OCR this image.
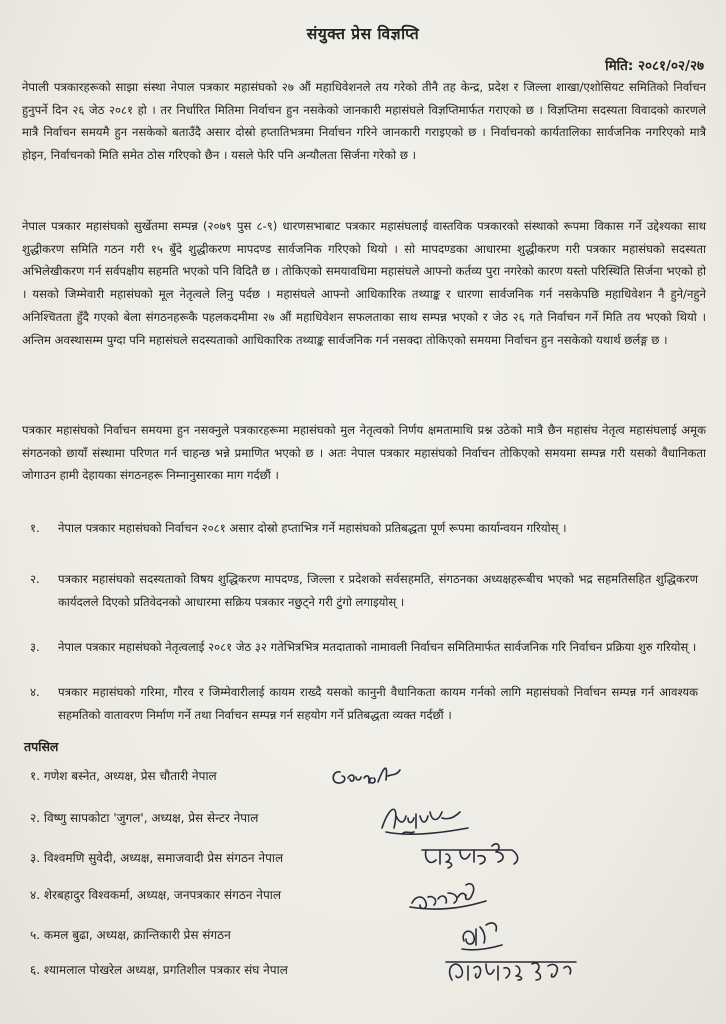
संयुक्त प्रेस विज्ञप्ति
मिति: २०८१/०२/२७

नेपाली पत्रकारहरूको साझा संस्था नेपाल पत्रकार महासंघको २७ औं महाधिवेशनले तय गरेको तीनै तह केन्द्र, प्रदेश र जिल्ला शाखा/एशोसियट समितिको निर्वाचन हुनुपर्ने दिन २६ जेठ २०८१ हो । तर निर्धारित मितिमा निर्वाचन हुन नसकेको जानकारी महासंघले विज्ञप्तिमार्फत गराएको छ । विज्ञप्तिमा सदस्यता विवादको कारणले मात्रै निर्वाचन समयमै हुन नसकेको बताउँदै असार दोस्रो हप्तातिभत्रमा निर्वाचन गरिने जानकारी गराइएको छ । निर्वाचनको कार्यतालिका सार्वजनिक नगरिएको मात्रै होइन, निर्वाचनको मिति समेत ठोस गरिएको छैन । यसले फेरि पनि अन्यौलता सिर्जना गरेको छ ।

नेपाल पत्रकार महासंघको सुर्खेतमा सम्पन्न (२०७९ पुस ८-९) धारणसभाबाट पत्रकार महासंघलाई वास्तविक पत्रकारको संस्थाको रूपमा विकास गर्ने उद्देश्यका साथ शुद्धीकरण समिति गठन गरी १५ बुँदे शुद्धीकरण मापदण्ड सार्वजनिक गरिएको थियो । सो मापदण्डका आधारमा शुद्धीकरण गरी पत्रकार महासंघको सदस्यता अभिलेखीकरण गर्न सर्वपक्षीय सहमति भएको पनि विदितै छ । तोकिएको समयावधिमा महासंघले आफ्नो कर्तव्य पुरा नगरेको कारण यस्तो परिस्थिति सिर्जना भएको हो । यसको जिम्मेवारी महासंघको मूल नेतृत्वले लिनु पर्दछ । महासंघले आफ्नो आधिकारिक तथ्याङ्क र धारणा सार्वजनिक गर्न नसकेपछि महाधिवेशन नै हुने/नहुने अनिश्चितता हुँदै गएको बेला संगठनहरूकै पहलकदमीमा २७ औं महाधिवेशन सफलताका साथ सम्पन्न भएको र जेठ २६ गते निर्वाचन गर्ने मिति तय भएको थियो । अन्तिम अवस्थासम्म पुग्दा पनि महासंघले सदस्यताको आधिकारिक तथ्याङ्क सार्वजनिक गर्न नसक्दा तोकिएको समयमा निर्वाचन हुन नसकेको यथार्थ छर्लङ्ग छ ।

पत्रकार महासंघको निर्वाचन समयमा हुन नसक्नुले पत्रकारहरूमा महासंघको मुल नेतृत्वको निर्णय क्षमतामाथि प्रश्न उठेको मात्रै छैन महासंघ नेतृत्व महासंघलाई अमूक संगठनको छायाँ संस्थामा परिणत गर्न चाहन्छ भन्ने प्रमाणित भएको छ । अतः नेपाल पत्रकार महासंघको निर्वाचन तोकिएको समयमा सम्पन्न गरी यसको वैधानिकता जोगाउन हामी देहायका संगठनहरू निम्नानुसारका माग गर्दछौं ।

१. नेपाल पत्रकार महासंघको निर्वाचन २०८१ असार दोस्रो हप्ताभित्र गर्ने महासंघको प्रतिबद्धता पूर्ण रूपमा कार्यान्वयन गरियोस् ।
२. पत्रकार महासंघको सदस्यताको विषय शुद्धिकरण मापदण्ड, जिल्ला र प्रदेशको सर्वसहमति, संगठनका अध्यक्षहरूबीच भएको भद्र सहमतिसहित शुद्धिकरण कार्यदलले दिएको प्रतिवेदनको आधारमा सक्रिय पत्रकार नछुट्ने गरी टुंगो लगाइयोस् ।
३. नेपाल पत्रकार महासंघको नेतृत्वलाई २०८१ जेठ ३२ गतेभित्रभित्र मतदाताको नामावली निर्वाचन समितिमार्फत सार्वजनिक गरि निर्वाचन प्रक्रिया शुरु गरियोस् ।
४. पत्रकार महासंघको गरिमा, गौरव र जिम्मेवारीलाई कायम राख्दै यसको कानुनी वैधानिकता कायम गर्नको लागि महासंघको निर्वाचन सम्पन्न गर्न आवश्यक सहमतिको वातावरण निर्माण गर्ने तथा निर्वाचन सम्पन्न गर्न सहयोग गर्ने प्रतिबद्धता व्यक्त गर्दछौं ।
तपसिल
१. गणेश बस्नेत, अध्यक्ष, प्रेस चौतारी नेपाल
२. विष्णु सापकोटा 'जुगल', अध्यक्ष, प्रेस सेन्टर नेपाल
३. विश्वमणि सुवेदी, अध्यक्ष, समाजवादी प्रेस संगठन नेपाल
४. शेरबहादुर विश्वकर्मा, अध्यक्ष, जनपत्रकार संगठन नेपाल
५. कमल बुढा, अध्यक्ष, क्रान्तिकारी प्रेस संगठन
६. श्यामलाल पोखरेल अध्यक्ष, प्रगतिशील पत्रकार संघ नेपाल
